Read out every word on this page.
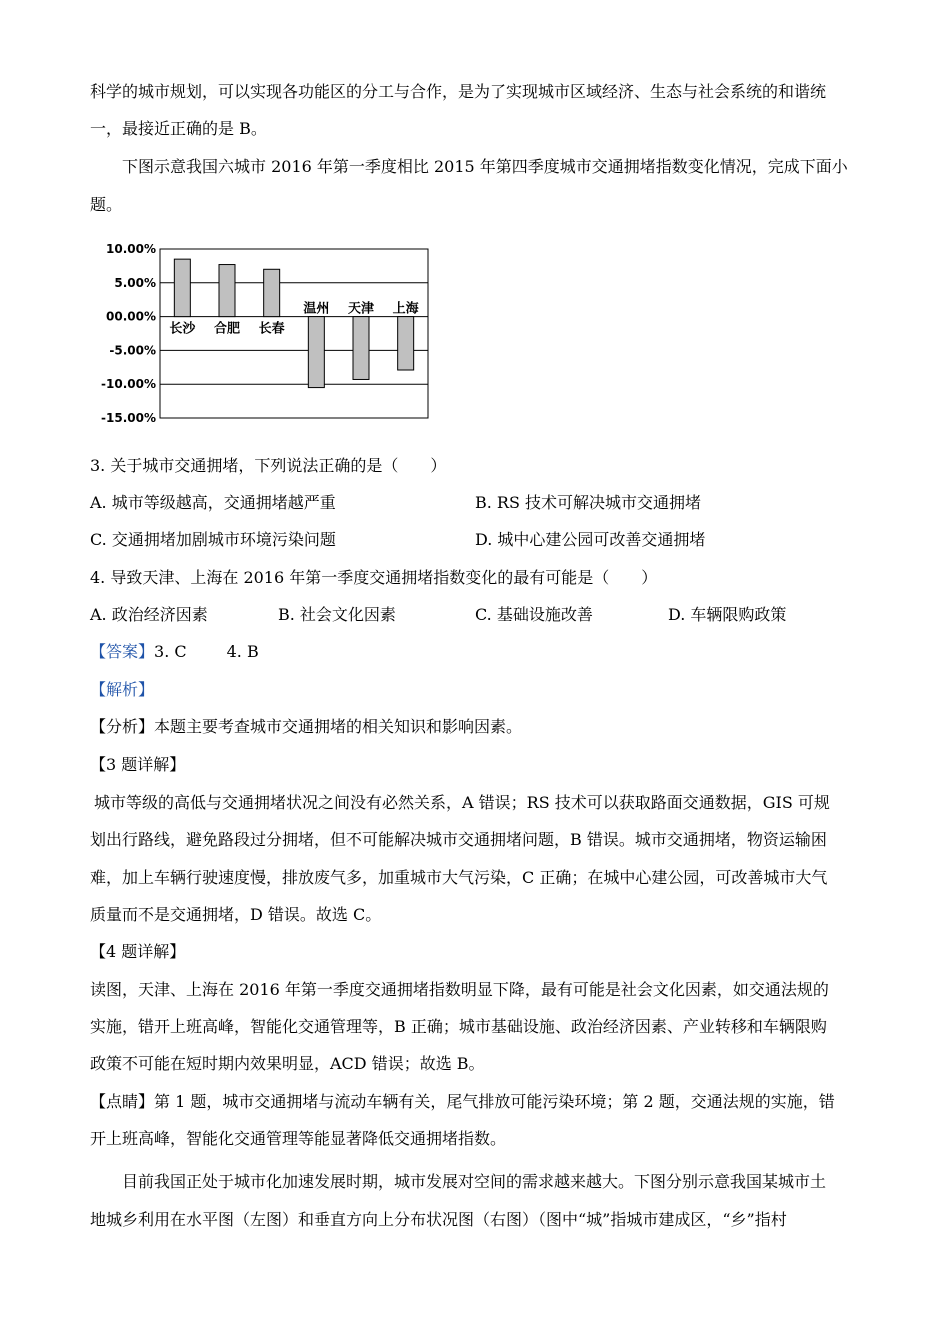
科学的城市规划，可以实现各功能区的分工与合作，是为了实现城市区域经济、生态与社会系统的和谐统
一，最接近正确的是 B。
下图示意我国六城市 2016 年第一季度相比 2015 年第四季度城市交通拥堵指数变化情况，完成下面小
题。
10.00%
5.00%
00.00%
-5.00%
-10.00%
-15.00%
长沙 合肥 长春
温州 天津 上海
3. 关于城市交通拥堵，下列说法正确的是（　　）
A. 城市等级越高，交通拥堵越严重	B. RS 技术可解决城市交通拥堵
C. 交通拥堵加剧城市环境污染问题	D. 城中心建公园可改善交通拥堵
4. 导致天津、上海在 2016 年第一季度交通拥堵指数变化的最有可能是（　　）
A. 政治经济因素	B. 社会文化因素	C. 基础设施改善	D. 车辆限购政策
【答案】3. C	4. B
【解析】
【分析】本题主要考查城市交通拥堵的相关知识和影响因素。
【3 题详解】
城市等级的高低与交通拥堵状况之间没有必然关系，A 错误；RS 技术可以获取路面交通数据，GIS 可规
划出行路线，避免路段过分拥堵，但不可能解决城市交通拥堵问题，B 错误。城市交通拥堵，物资运输困
难，加上车辆行驶速度慢，排放废气多，加重城市大气污染，C 正确；在城中心建公园，可改善城市大气
质量而不是交通拥堵，D 错误。故选 C。
【4 题详解】
读图，天津、上海在 2016 年第一季度交通拥堵指数明显下降，最有可能是社会文化因素，如交通法规的
实施，错开上班高峰，智能化交通管理等，B 正确；城市基础设施、政治经济因素、产业转移和车辆限购
政策不可能在短时期内效果明显，ACD 错误；故选 B。
【点睛】第 1 题，城市交通拥堵与流动车辆有关，尾气排放可能污染环境；第 2 题，交通法规的实施，错
开上班高峰，智能化交通管理等能显著降低交通拥堵指数。
目前我国正处于城市化加速发展时期，城市发展对空间的需求越来越大。下图分别示意我国某城市土
地城乡利用在水平图（左图）和垂直方向上分布状况图（右图）（图中“城”指城市建成区，“乡”指村
